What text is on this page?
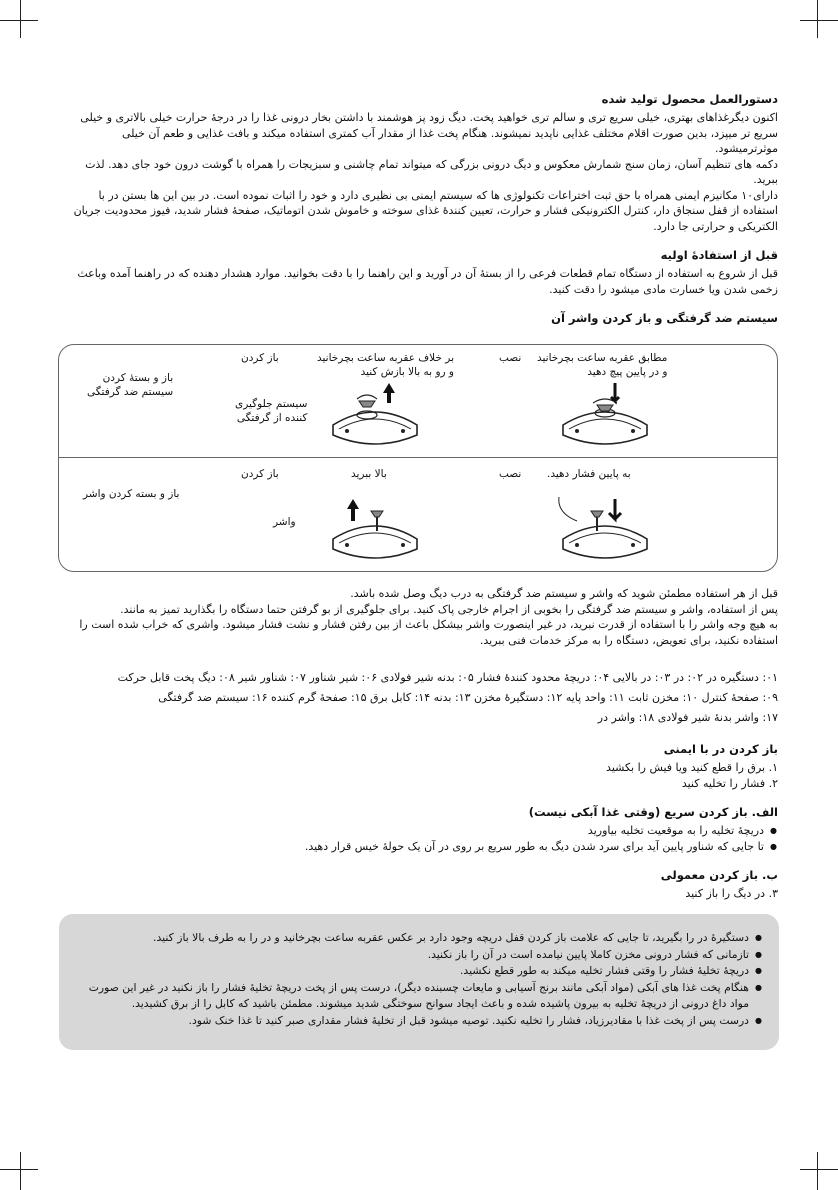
دستورالعمل محصول تولید شده

اکنون دیگرغذاهای بهتری، خیلی سریع تری و سالم تری خواهید پخت. دیگ زود پز هوشمند با داشتن بخار درونی غذا را در درجهٔ حرارت خیلی بالاتری و خیلی سریع تر میپزد، بدین صورت اقلام مختلف غذایی ناپدید نمیشوند. هنگام پخت غذا از مقدار آب کمتری استفاده میکند و بافت غذایی و طعم آن خیلی موثرترمیشود.

دکمه های تنظیم آسان، زمان سنج شمارش معکوس و دیگ درونی بزرگی که میتواند تمام چاشنی و سبزیجات را همراه با گوشت درون خود جای دهد. لذت ببرید.

دارای۱۰ مکانیزم ایمنی همراه با حق ثبت اختراعات تکنولوژی ها که سیستم ایمنی بی نظیری دارد و خود را اثبات نموده است. در بین این ها بستن در با استفاده از قفل سنجاق دار، کنترل الکترونیکی فشار و حرارت، تعیین کنندهٔ غذای سوخته و خاموش شدن اتوماتیک، صفحهٔ فشار شدید، فیوز محدودیت جریان الکتریکی و حرارتی جا دارد.

قبل از استفادهٔ اولیه

قبل از شروع به استفاده از دستگاه تمام قطعات فرعی را از بستهٔ آن در آورید و این راهنما را با دقت بخوانید. موارد هشدار دهنده که در راهنما آمده وباعث زخمی شدن ویا خسارت مادی میشود را دقت کنید.

سیستم ضد گرفتگی و باز کردن واشر آن
مطابق عقربه ساعت بچرخانید
و در پایین پیچ دهید
نصب
بر خلاف عقربه ساعت بچرخانید
و رو به بالا بازش کنید
باز کردن
سیستم جلوگیری
کننده از گرفتگی
باز و بستهٔ کردن
سیستم ضد گرفتگی
به پایین فشار دهید.
نصب
بالا ببرید
باز کردن
واشر
باز و بسته کردن واشر

قبل از هر استفاده مطمئن شوید که واشر و سیستم ضد گرفتگی به درب دیگ وصل شده باشد.

پس از استفاده، واشر و سیستم ضد گرفتگی را بخوبی از اجرام خارجی پاک کنید. برای جلوگیری از بو گرفتن حتما دستگاه را بگذارید تمیز به مانند.

به هیچ وجه واشر را با استفاده از قدرت نبرید، در غیر اینصورت واشر بیشکل باعث از بین رفتن فشار و نشت فشار میشود. واشری که خراب شده است را استفاده نکنید، برای تعویض، دستگاه را به مرکز خدمات فنی ببرید.

۰۱: دستگیره در ۰۲: در ۰۳: در بالایی ۰۴: دریچهٔ محدود کنندهٔ فشار ۰۵: بدنه شیر فولادی ۰۶: شیر شناور ۰۷: شناور شیر ۰۸: دیگ پخت قابل حرکت

۰۹: صفحهٔ کنترل ۱۰: مخزن ثابت ۱۱: واحد پایه ۱۲: دستگیرهٔ مخزن ۱۳: بدنه ۱۴: کابل برق ۱۵: صفحهٔ گرم کننده ۱۶: سیستم ضد گرفتگی

۱۷: واشر بدنهٔ شیر فولادی ۱۸: واشر در

باز کردن در با ایمنی

۱. برق را قطع کنید ویا فیش را بکشید

۲. فشار را تخلیه کنید

الف. باز کردن سریع (وقتی غذا آبکی نیست)
● دریچهٔ تخلیه را به موقعیت تخلیه بیاورید
● تا جایی که شناور پایین آید برای سرد شدن دیگ به طور سریع بر روی در آن یک حولهٔ خیس قرار دهید.
ب. باز کردن معمولی

۳. در دیگ را باز کنید

● دستگیرهٔ در را بگیرید، تا جایی که علامت باز کردن قفل دریچه وجود دارد بر عکس عقربه ساعت بچرخانید و در را به طرف بالا باز کنید.
● تازمانی که فشار درونی مخزن کاملا پایین نیامده است در آن را باز نکنید.
● دریچهٔ تخلیهٔ فشار را وقتی فشار تخلیه میکند به طور قطع نکشید.
● هنگام پخت غذا های آبکی (مواد آبکی مانند برنج آسیابی و مایعات چسبنده دیگر)، درست پس از پخت دریچهٔ تخلیهٔ فشار را باز نکنید در غیر این صورت مواد داغ درونی از دریچهٔ تخلیه به بیرون پاشیده شده و باعث ایجاد سوانح سوختگی شدید میشوند. مطمئن باشید که کابل را از برق کشیدید.
● درست پس از پخت غذا با مقادیرزیاد، فشار را تخلیه نکنید. توصیه میشود قبل از تخلیهٔ فشار مقداری صبر کنید تا غذا خنک شود.
